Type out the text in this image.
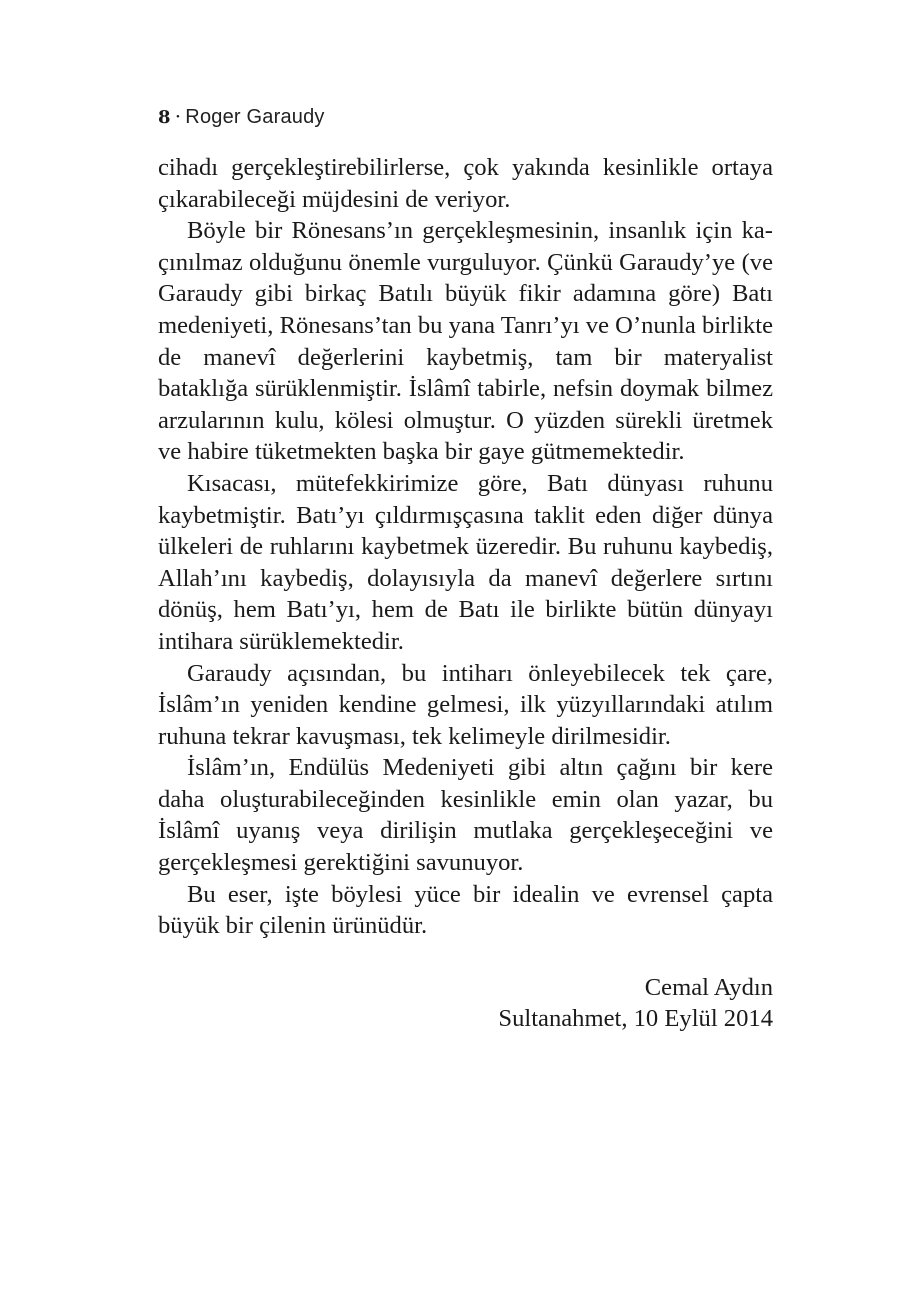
8 · Roger Garaudy

cihadı gerçekleştirebilirlerse, çok yakında kesinlikle ortaya çıkarabileceği müjdesini de veriyor.

Böyle bir Rönesans’ın gerçekleşmesinin, insanlık için kaçınılmaz olduğunu önemle vurguluyor. Çünkü Garaudy’ye (ve Garaudy gibi birkaç Batılı büyük fikir adamına göre) Batı medeniyeti, Rönesans’tan bu yana Tanrı’yı ve O’nunla birlikte de manevî değerlerini kaybetmiş, tam bir materyalist bataklığa sürüklenmiştir. İslâmî tabirle, nefsin doymak bilmez arzularının kulu, kölesi olmuştur. O yüzden sürekli üretmek ve habire tüketmekten başka bir gaye gütmemektedir.

Kısacası, mütefekkirimize göre, Batı dünyası ruhunu kaybetmiştir. Batı’yı çıldırmışçasına taklit eden diğer dünya ülkeleri de ruhlarını kaybetmek üzeredir. Bu ruhunu kaybediş, Allah’ını kaybediş, dolayısıyla da manevî değerlere sırtını dönüş, hem Batı’yı, hem de Batı ile birlikte bütün dünyayı intihara sürüklemektedir.

Garaudy açısından, bu intiharı önleyebilecek tek çare, İslâm’ın yeniden kendine gelmesi, ilk yüzyıllarındaki atılım ruhuna tekrar kavuşması, tek kelimeyle dirilmesidir.

İslâm’ın, Endülüs Medeniyeti gibi altın çağını bir kere daha oluşturabileceğinden kesinlikle emin olan yazar, bu İslâmî uyanış veya dirilişin mutlaka gerçekleşeceğini ve gerçekleşmesi gerektiğini savunuyor.

Bu eser, işte böylesi yüce bir idealin ve evrensel çapta büyük bir çilenin ürünüdür.

Cemal Aydın
Sultanahmet, 10 Eylül 2014
